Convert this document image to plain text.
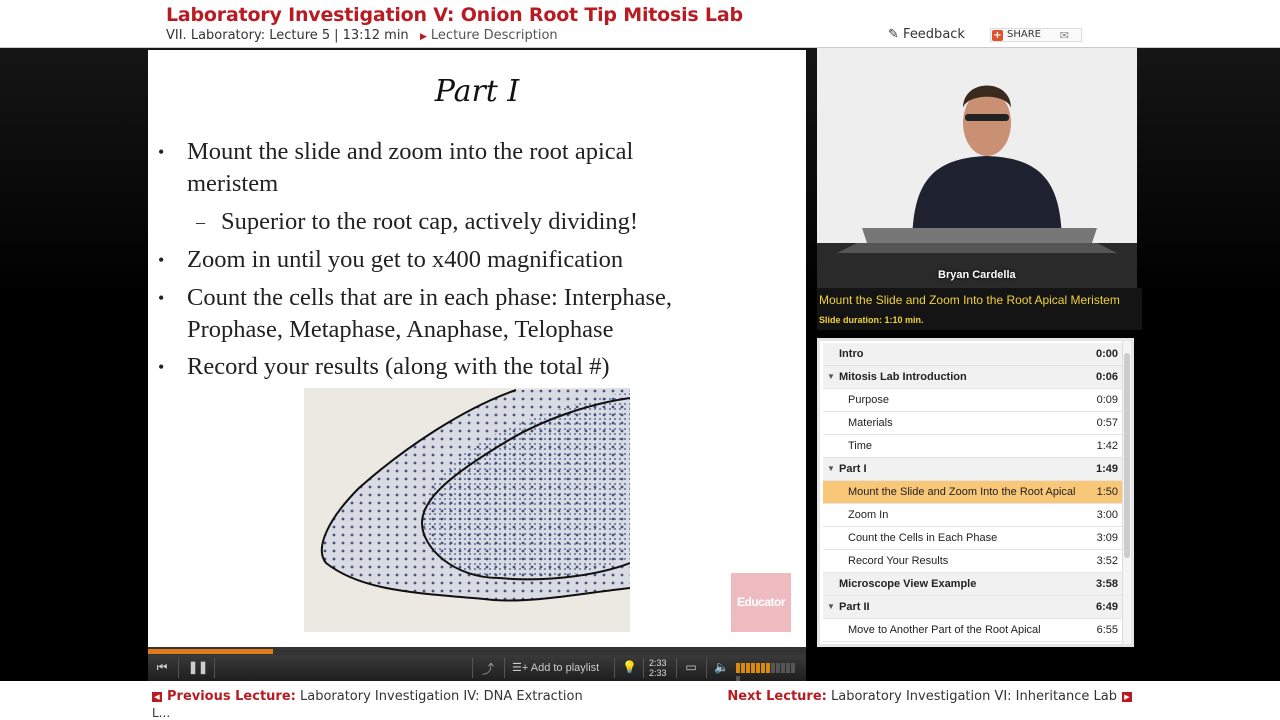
Laboratory Investigation V: Onion Root Tip Mitosis Lab
VII. Laboratory: Lecture 5 | 13:12 min ▶ Lecture Description	✎ Feedback	+ SHARE ✉
Part I
• Mount the slide and zoom into the root apical
meristem
– Superior to the root cap, actively dividing!
• Zoom in until you get to x400 magnification
• Count the cells that are in each phase: Interphase,
Prophase, Metaphase, Anaphase, Telophase
• Record your results (along with the total #)
Educator
⏮ ❚❚	⤴ ☰+ Add to playlist	💡 2:33
2:33 ▭ 🔈
Bryan Cardella
Mount the Slide and Zoom Into the Root Apical Meristem
Slide duration: 1:10 min.
Intro	0:00
▼ Mitosis Lab Introduction	0:06
Purpose	0:09
Materials	0:57
Time	1:42
▼ Part I	1:49
Mount the Slide and Zoom Into the Root Apical 1:50
Zoom In	3:00
Count the Cells in Each Phase	3:09
Record Your Results	3:52
Microscope View Example	3:58
▼ Part II	6:49
Move to Another Part of the Root Apical	6:55
◀ Previous Lecture: Laboratory Investigation IV: DNA Extraction
L...
Next Lecture: Laboratory Investigation VI: Inheritance Lab ▶
